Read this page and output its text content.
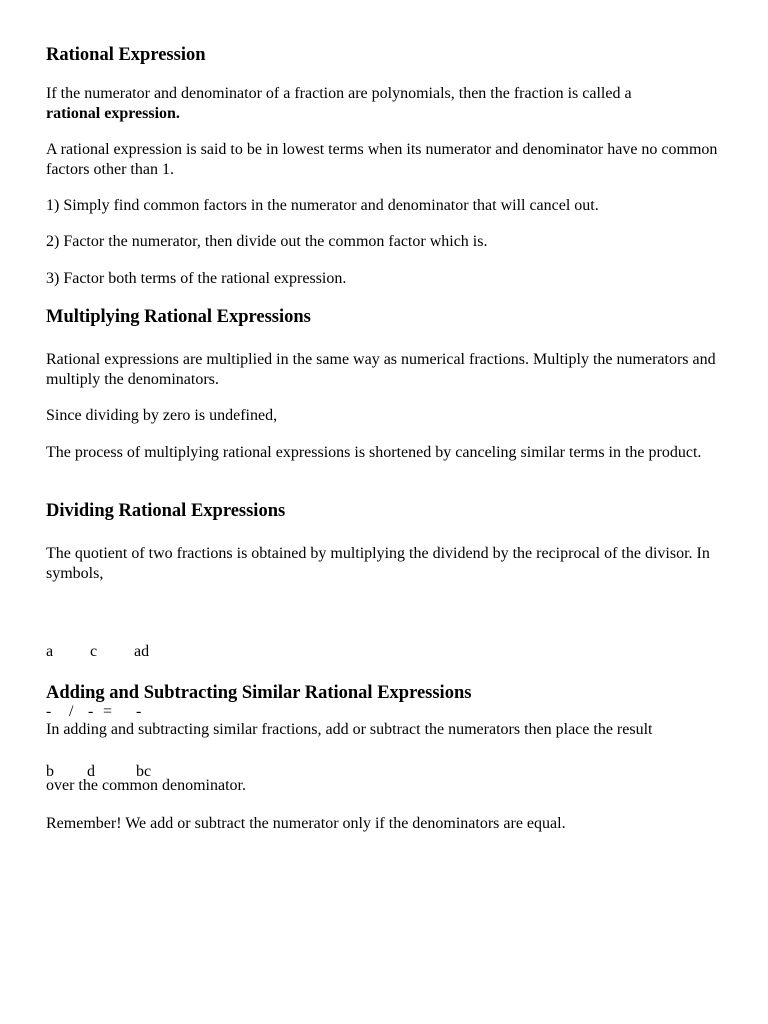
Rational Expression

If the numerator and denominator of a fraction are polynomials, then the fraction is called a
rational expression.

A rational expression is said to be in lowest terms when its numerator and denominator have no common factors other than 1.

1) Simply find common factors in the numerator and denominator that will cancel out.

2) Factor the numerator, then divide out the common factor which is.

3) Factor both terms of the rational expression.

Multiplying Rational Expressions

Rational expressions are multiplied in the same way as numerical fractions. Multiply the numerators and multiply the denominators.

Since dividing by zero is undefined,

The process of multiplying rational expressions is shortened by canceling similar terms in the product.

Dividing Rational Expressions

The quotient of two fractions is obtained by multiplying the dividend by the reciprocal of the divisor. In symbols,

a

c

ad

-

/

-

=

-

b

d

	bc

Adding and Subtracting Similar Rational Expressions

In adding and subtracting similar fractions, add or subtract the numerators then place the result

over the common denominator.

Remember! We add or subtract the numerator only if the denominators are equal.
